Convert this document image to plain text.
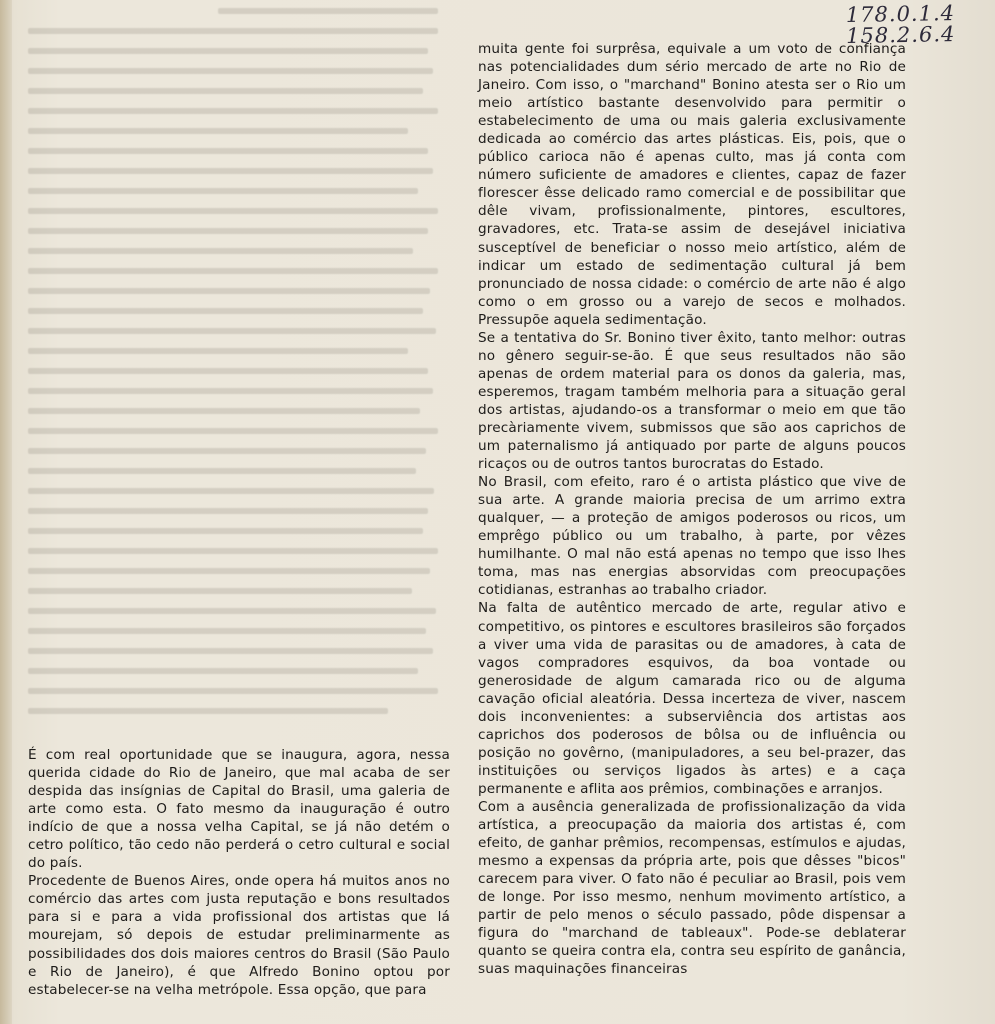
178.0.1.4
158.2.6.4

É com real oportunidade que se inaugura, agora, nessa querida cidade do Rio de Janeiro, que mal acaba de ser despida das insígnias de Capital do Brasil, uma galeria de arte como esta. O fato mesmo da inauguração é outro indício de que a nossa velha Capital, se já não detém o cetro político, tão cedo não perderá o cetro cultural e social do país.

Procedente de Buenos Aires, onde opera há muitos anos no comércio das artes com justa reputação e bons resultados para si e para a vida profissional dos artistas que lá mourejam, só depois de estudar preliminarmente as possibilidades dos dois maiores centros do Brasil (São Paulo e Rio de Janeiro), é que Alfredo Bonino optou por estabelecer-se na velha metrópole. Essa opção, que para

muita gente foi surprêsa, equivale a um voto de confiança nas potencialidades dum sério mercado de arte no Rio de Janeiro. Com isso, o "marchand" Bonino atesta ser o Rio um meio artístico bastante desenvolvido para permitir o estabelecimento de uma ou mais galeria exclusivamente dedicada ao comércio das artes plásticas. Eis, pois, que o público carioca não é apenas culto, mas já conta com número suficiente de amadores e clientes, capaz de fazer florescer êsse delicado ramo comercial e de possibilitar que dêle vivam, profissionalmente, pintores, escultores, gravadores, etc. Trata-se assim de desejável iniciativa susceptível de beneficiar o nosso meio artístico, além de indicar um estado de sedimentação cultural já bem pronunciado de nossa cidade: o comércio de arte não é algo como o em grosso ou a varejo de secos e molhados. Pressupõe aquela sedimentação.

Se a tentativa do Sr. Bonino tiver êxito, tanto melhor: outras no gênero seguir-se-ão. É que seus resultados não são apenas de ordem material para os donos da galeria, mas, esperemos, tragam também melhoria para a situação geral dos artistas, ajudando-os a transformar o meio em que tão precàriamente vivem, submissos que são aos caprichos de um paternalismo já antiquado por parte de alguns poucos ricaços ou de outros tantos burocratas do Estado.

No Brasil, com efeito, raro é o artista plástico que vive de sua arte. A grande maioria precisa de um arrimo extra qualquer, — a proteção de amigos poderosos ou ricos, um emprêgo público ou um trabalho, à parte, por vêzes humilhante. O mal não está apenas no tempo que isso lhes toma, mas nas energias absorvidas com preocupações cotidianas, estranhas ao trabalho criador.

Na falta de autêntico mercado de arte, regular ativo e competitivo, os pintores e escultores brasileiros são forçados a viver uma vida de parasitas ou de amadores, à cata de vagos compradores esquivos, da boa vontade ou generosidade de algum camarada rico ou de alguma cavação oficial aleatória. Dessa incerteza de viver, nascem dois inconvenientes: a subserviência dos artistas aos caprichos dos poderosos de bôlsa ou de influência ou posição no govêrno, (manipuladores, a seu bel-prazer, das instituições ou serviços ligados às artes) e a caça permanente e aflita aos prêmios, combinações e arranjos.

Com a ausência generalizada de profissionalização da vida artística, a preocupação da maioria dos artistas é, com efeito, de ganhar prêmios, recompensas, estímulos e ajudas, mesmo a expensas da própria arte, pois que dêsses "bicos" carecem para viver. O fato não é peculiar ao Brasil, pois vem de longe. Por isso mesmo, nenhum movimento artístico, a partir de pelo menos o século passado, pôde dispensar a figura do "marchand de tableaux". Pode-se deblaterar quanto se queira contra ela, contra seu espírito de ganância, suas maquinações financeiras
